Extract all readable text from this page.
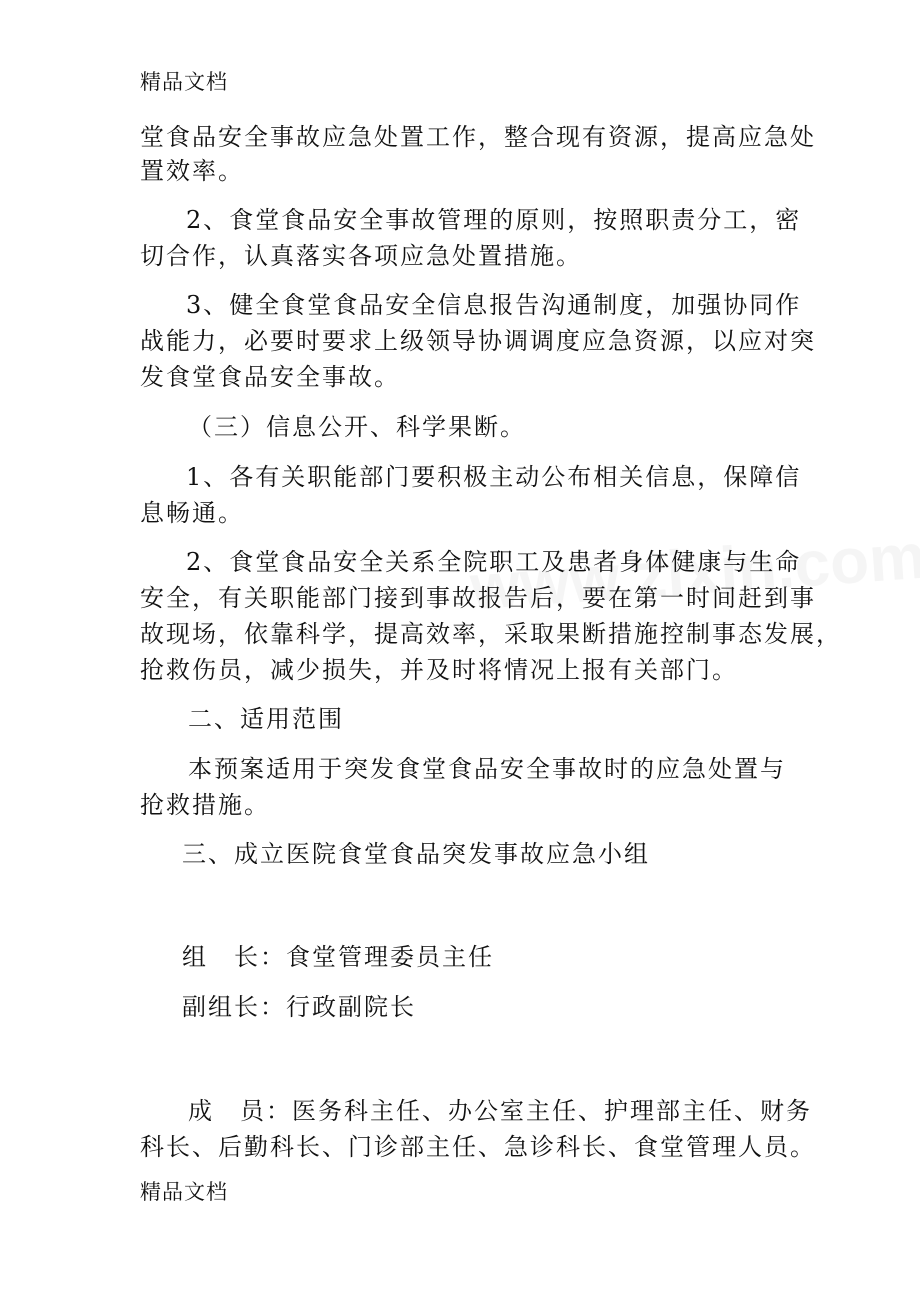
精品文档
堂食品安全事故应急处置工作，整合现有资源，提高应急处
置效率。
2、食堂食品安全事故管理的原则，按照职责分工，密
切合作，认真落实各项应急处置措施。
3、健全食堂食品安全信息报告沟通制度，加强协同作
战能力，必要时要求上级领导协调调度应急资源，以应对突
发食堂食品安全事故。
（三）信息公开、科学果断。
1、各有关职能部门要积极主动公布相关信息，保障信
息畅通。
2、食堂食品安全关系全院职工及患者身体健康与生命
安全，有关职能部门接到事故报告后，要在第一时间赶到事
故现场，依靠科学，提高效率，采取果断措施控制事态发展，
抢救伤员，减少损失，并及时将情况上报有关部门。
二、适用范围
本预案适用于突发食堂食品安全事故时的应急处置与
抢救措施。
三、成立医院食堂食品突发事故应急小组
组　长：食堂管理委员主任
副组长：行政副院长
成　员：医务科主任、办公室主任、护理部主任、财务
科长、后勤科长、门诊部主任、急诊科长、食堂管理人员。
精品文档
